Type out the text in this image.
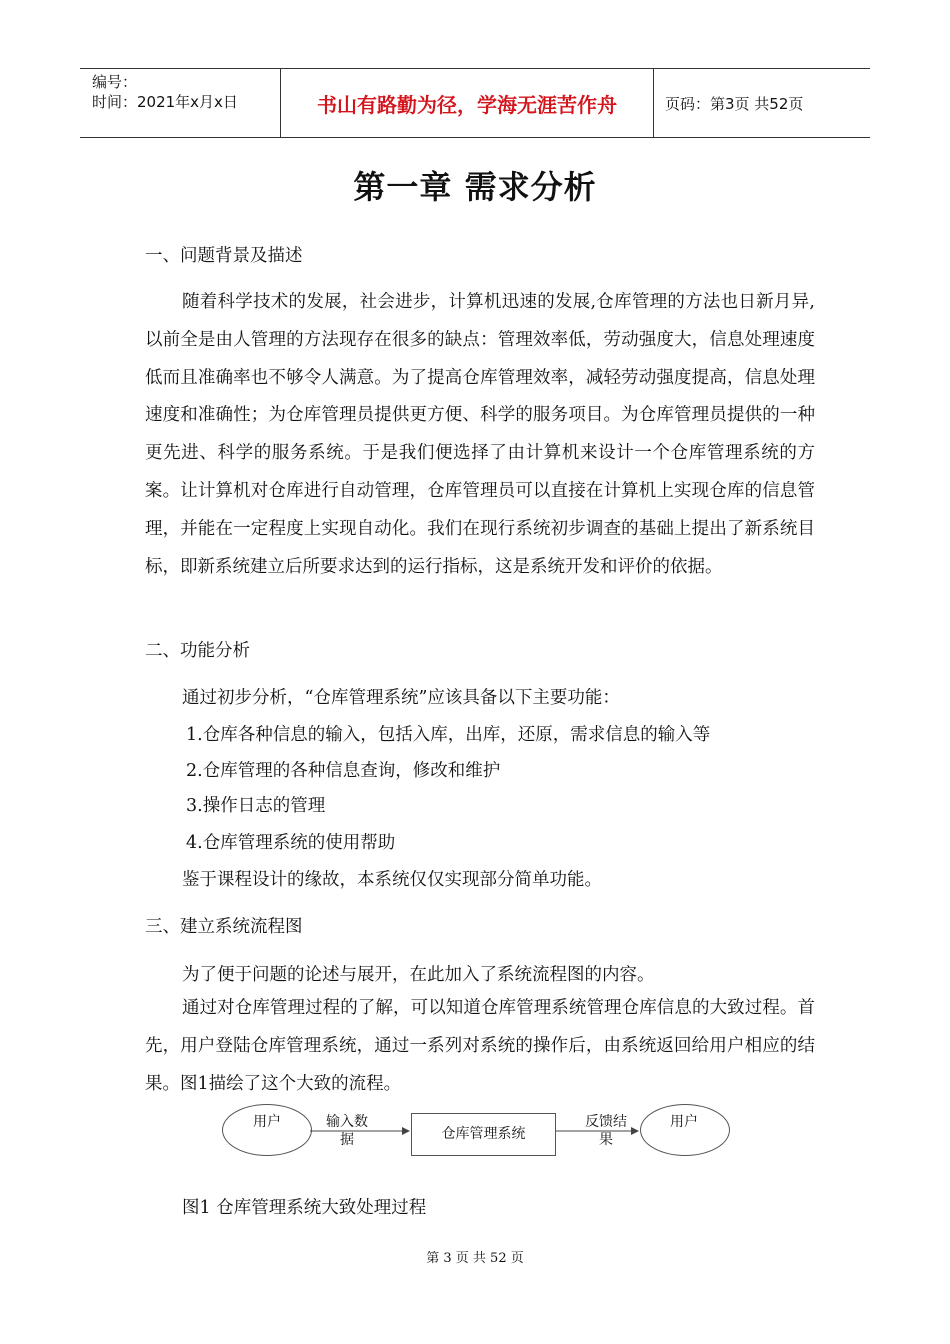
编号：
时间：2021年x月x日	书山有路勤为径，学海无涯苦作舟	页码：第3页 共52页
第一章 需求分析
一、问题背景及描述
随着科学技术的发展，社会进步，计算机迅速的发展,仓库管理的方法也日新月异,以前全是由人管理的方法现存在很多的缺点：管理效率低，劳动强度大，信息处理速度低而且准确率也不够令人满意。为了提高仓库管理效率，减轻劳动强度提高，信息处理速度和准确性；为仓库管理员提供更方便、科学的服务项目。为仓库管理员提供的一种更先进、科学的服务系统。于是我们便选择了由计算机来设计一个仓库管理系统的方案。让计算机对仓库进行自动管理，仓库管理员可以直接在计算机上实现仓库的信息管理，并能在一定程度上实现自动化。我们在现行系统初步调查的基础上提出了新系统目标，即新系统建立后所要求达到的运行指标，这是系统开发和评价的依据。
二、功能分析
通过初步分析，“仓库管理系统”应该具备以下主要功能：
1.仓库各种信息的输入，包括入库，出库，还原，需求信息的输入等
2.仓库管理的各种信息查询，修改和维护
3.操作日志的管理
4.仓库管理系统的使用帮助
鉴于课程设计的缘故，本系统仅仅实现部分简单功能。
三、建立系统流程图
为了便于问题的论述与展开，在此加入了系统流程图的内容。
通过对仓库管理过程的了解，可以知道仓库管理系统管理仓库信息的大致过程。首先，用户登陆仓库管理系统，通过一系列对系统的操作后，由系统返回给用户相应的结果。图1描绘了这个大致的流程。
用户	输入数
据	仓库管理系统
反馈结
果
用户
图1 仓库管理系统大致处理过程
第 3 页 共 52 页
